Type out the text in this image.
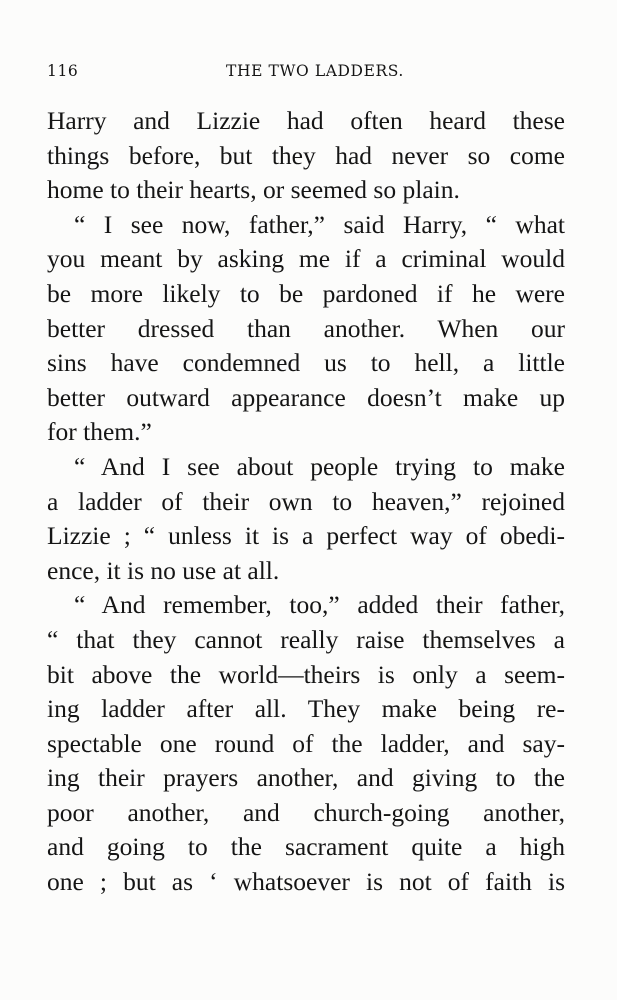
116	THE TWO LADDERS.
Harry and Lizzie had often heard these
things before, but they had never so come
home to their hearts, or seemed so plain.
“ I see now, father,” said Harry, “ what
you meant by asking me if a criminal would
be more likely to be pardoned if he were
better dressed than another. When our
sins have condemned us to hell, a little
better outward appearance doesn’t make up
for them.”
“ And I see about people trying to make
a ladder of their own to heaven,” rejoined
Lizzie ; “ unless it is a perfect way of obedi-
ence, it is no use at all.
“ And remember, too,” added their father,
“ that they cannot really raise themselves a
bit above the world—theirs is only a seem-
ing ladder after all. They make being re-
spectable one round of the ladder, and say-
ing their prayers another, and giving to the
poor another, and church-going another,
and going to the sacrament quite a high
one ; but as ‘ whatsoever is not of faith is
